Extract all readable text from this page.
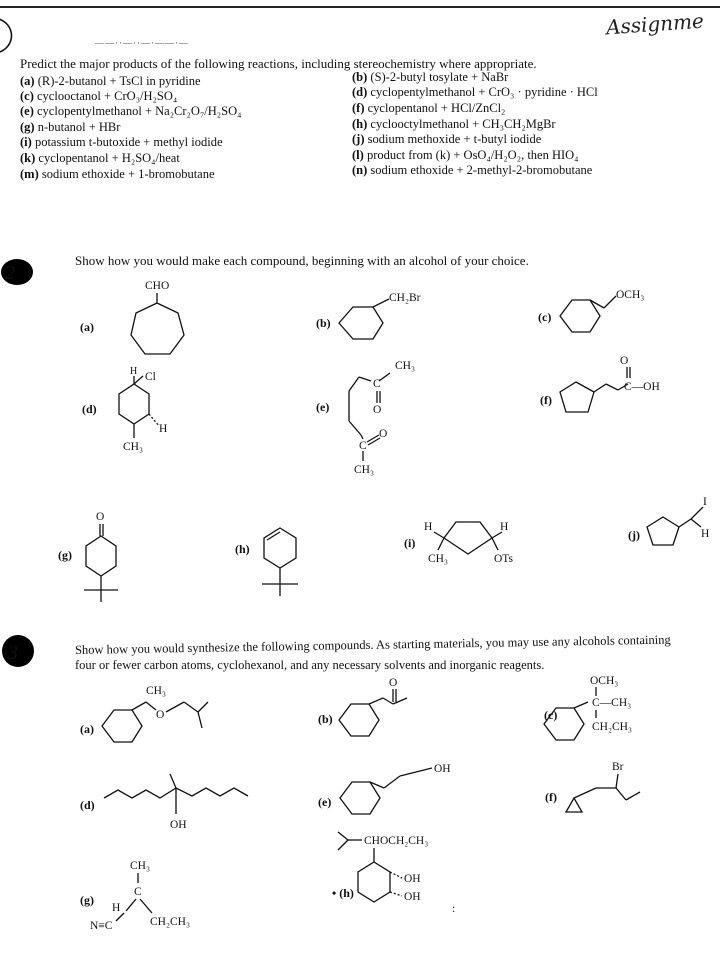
——··—··—·——·—
Assignme
Predict the major products of the following reactions, including stereochemistry where appropriate.
(a) (R)-2-butanol + TsCl in pyridine
(c) cyclooctanol + CrO₃/H₂SO₄
(e) cyclopentylmethanol + Na₂Cr₂O₇/H₂SO₄
(g) n-butanol + HBr
(i) potassium t-butoxide + methyl iodide
(k) cyclopentanol + H₂SO₄/heat
(m) sodium ethoxide + 1-bromobutane
(b) (S)-2-butyl tosylate + NaBr
(d) cyclopentylmethanol + CrO₃ · pyridine · HCl
(f) cyclopentanol + HCl/ZnCl₂
(h) cyclooctylmethanol + CH₃CH₂MgBr
(j) sodium methoxide + t-butyl iodide
(l) product from (k) + OsO₄/H₂O₂, then HIO₄
(n) sodium ethoxide + 2-methyl-2-bromobutane
2
Show how you would make each compound, beginning with an alcohol of your choice.
(a)
CHO
(b)
CH₂Br
(c)
OCH₃
(d)
H Cl
H
CH₃
(e)
CH₃
C
O
C
O
CH₃
(f)
O
C—OH
(g)
O
(h)	(i)
H	H
CH₃	OTs
(j)
I
H
3	Show how you would synthesize the following compounds. As starting materials, you may use any alcohols containing
four or fewer carbon atoms, cyclohexanol, and any necessary solvents and inorganic reagents.
(a)
CH₃
O	(b)
O
(c)
OCH₃
C—CH₃
CH₂CH₃
(d)
OH
(e)
OH
(f)
Br
(g)
CH₃
C
H
N≡C	CH₂CH₃
• (h)
CHOCH₂CH₃
OH
OH
:
